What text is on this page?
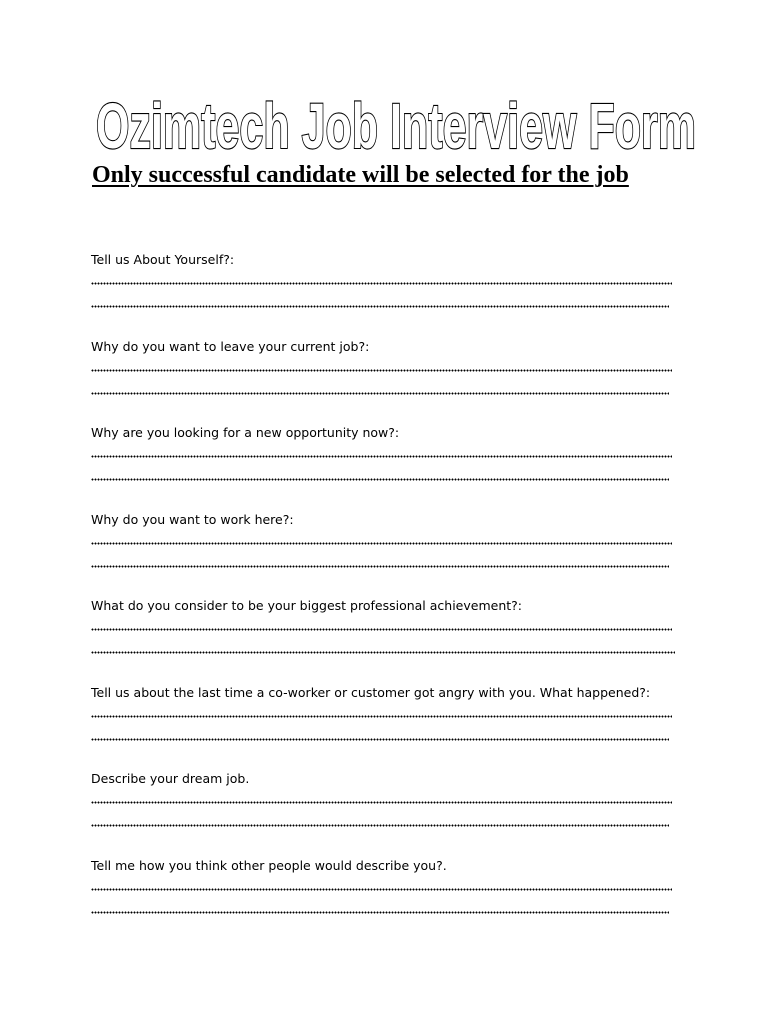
Ozimtech Job Interview Form
Only successful candidate will be selected for the job
Tell us About Yourself?:
Why do you want to leave your current job?:
Why are you looking for a new opportunity now?:
Why do you want to work here?:
What do you consider to be your biggest professional achievement?:
Tell us about the last time a co-worker or customer got angry with you. What happened?:
Describe your dream job.
Tell me how you think other people would describe you?.
